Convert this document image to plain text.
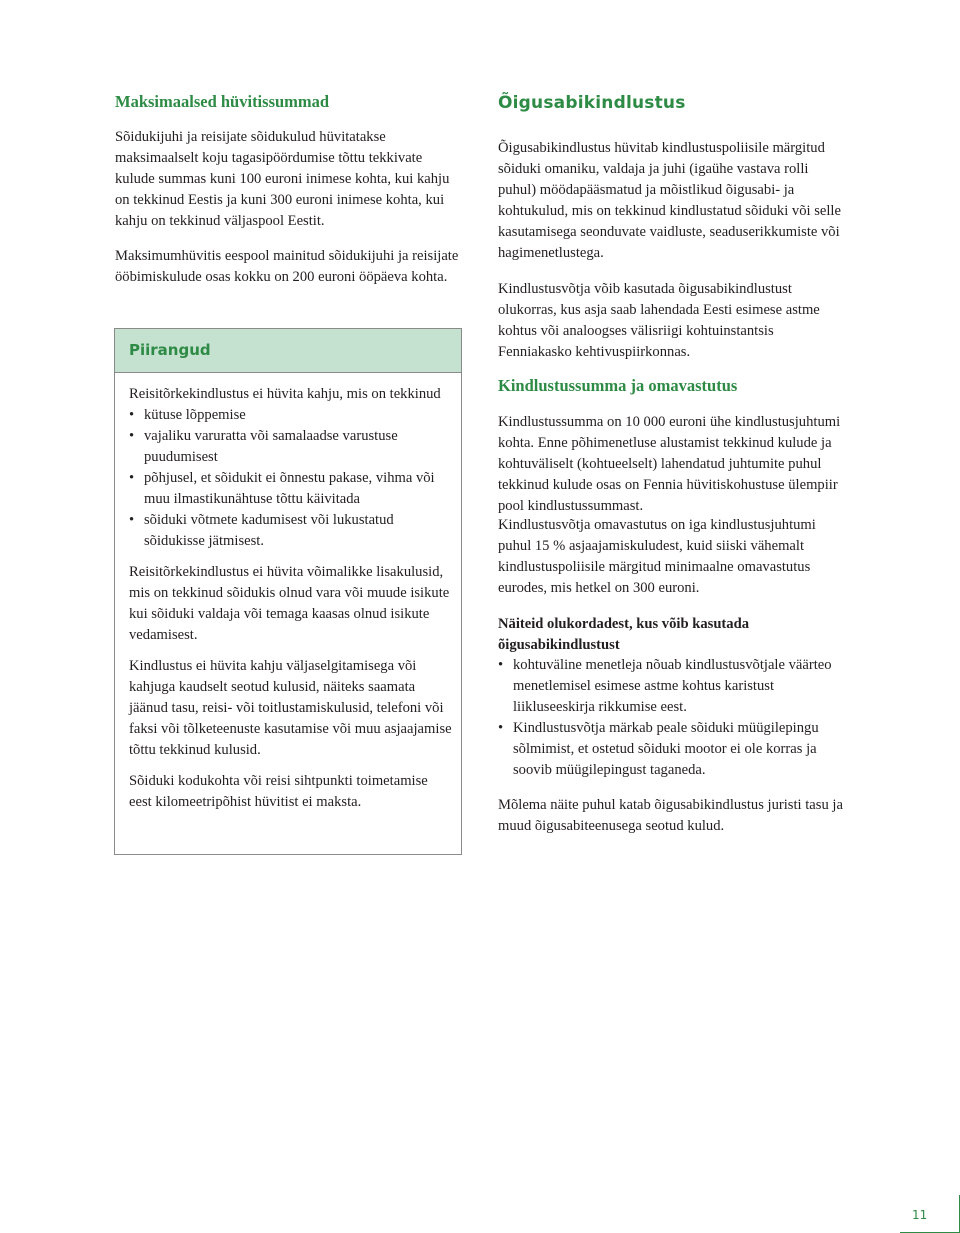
Maksimaalsed hüvitissummad

Sõidukijuhi ja reisijate sõidukulud hüvitatakse maksimaalselt koju tagasipöördumise tõttu tekkivate kulude summas kuni 100 euroni inimese kohta, kui kahju on tekkinud Eestis ja kuni 300 euroni inimese kohta, kui kahju on tekkinud väljaspool Eestit.

Maksimumhüvitis eespool mainitud sõidukijuhi ja reisijate ööbimiskulude osas kokku on 200 euroni ööpäeva kohta.

Piirangud

Reisitõrkekindlustus ei hüvita kahju, mis on tekkinud

• kütuse lõppemise
• vajaliku varuratta või samalaadse varustuse puudumisest
• põhjusel, et sõidukit ei õnnestu pakase, vihma või muu ilmastikunähtuse tõttu käivitada
• sõiduki võtmete kadumisest või lukustatud sõidukisse jätmisest.

Reisitõrkekindlustus ei hüvita võimalikke lisakulusid, mis on tekkinud sõidukis olnud vara või muude isikute kui sõiduki valdaja või temaga kaasas olnud isikute vedamisest.

Kindlustus ei hüvita kahju väljaselgitamisega või kahjuga kaudselt seotud kulusid, näiteks saamata jäänud tasu, reisi- või toitlustamiskulusid, telefoni või faksi või tõlketeenuste kasutamise või muu asjaajamise tõttu tekkinud kulusid.

Sõiduki kodukohta või reisi sihtpunkti toimetamise eest kilomeetripõhist hüvitist ei maksta.

Õigusabikindlustus

Õigusabikindlustus hüvitab kindlustuspoliisile märgitud sõiduki omaniku, valdaja ja juhi (igaühe vastava rolli puhul) möödapääsmatud ja mõistlikud õigusabi- ja kohtukulud, mis on tekkinud kindlustatud sõiduki või selle kasutamisega seonduvate vaidluste, seaduserikkumiste või hagimenetlustega.

Kindlustusvõtja võib kasutada õigusabikindlustust olukorras, kus asja saab lahendada Eesti esimese astme kohtus või analoogses välisriigi kohtuinstantsis Fenniakasko kehtivuspiirkonnas.

Kindlustussumma ja omavastutus

Kindlustussumma on 10 000 euroni ühe kindlustusjuhtumi kohta. Enne põhimenetluse alustamist tekkinud kulude ja kohtuväliselt (kohtueelselt) lahendatud juhtumite puhul tekkinud kulude osas on Fennia hüvitiskohustuse ülempiir pool kindlustussummast.

Kindlustusvõtja omavastutus on iga kindlustusjuhtumi puhul 15 % asjaajamiskuludest, kuid siiski vähemalt kindlustuspoliisile märgitud minimaalne omavastutus eurodes, mis hetkel on 300 euroni.

Näiteid olukordadest, kus võib kasutada õigusabikindlustust
• kohtuväline menetleja nõuab kindlustusvõtjale väärteo menetlemisel esimese astme kohtus karistust liikluseeskirja rikkumise eest.
• Kindlustusvõtja märkab peale sõiduki müügilepingu sõlmimist, et ostetud sõiduki mootor ei ole korras ja soovib müügilepingust taganeda.

Mõlema näite puhul katab õigusabikindlustus juristi tasu ja muud õigusabiteenusega seotud kulud.

11
